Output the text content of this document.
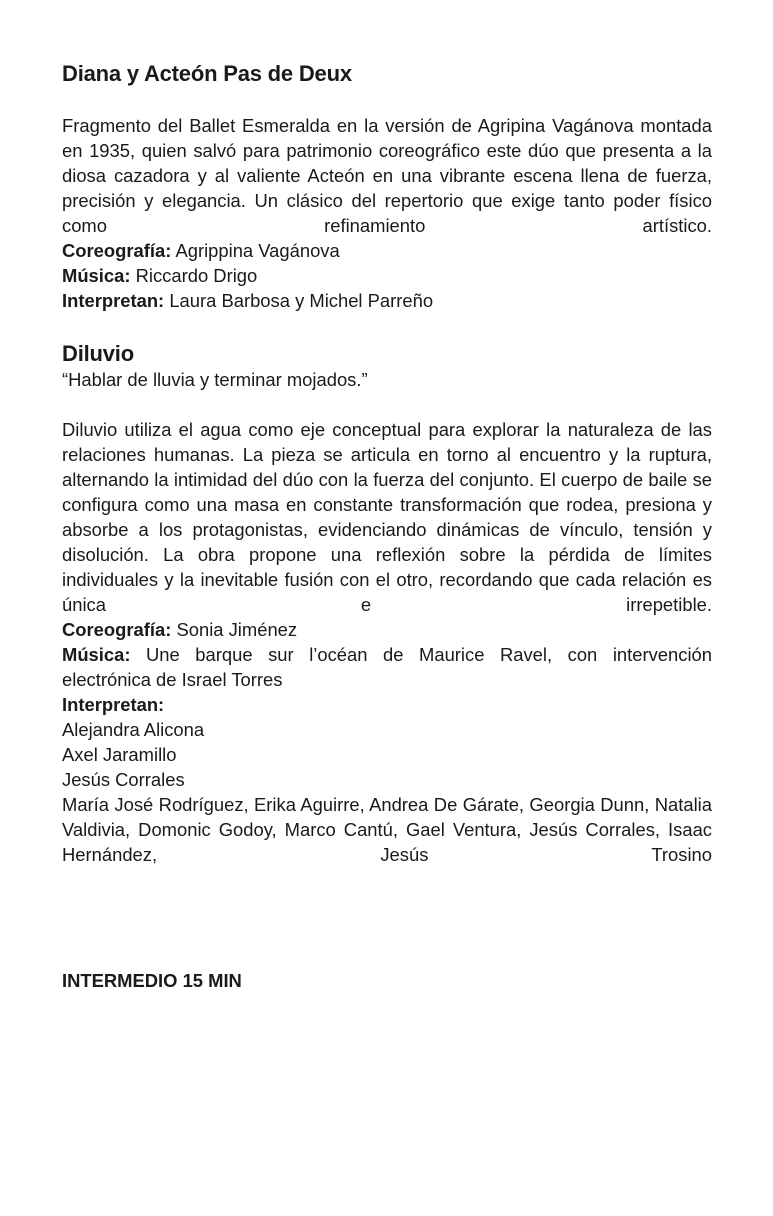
Diana y Acteón Pas de Deux

Fragmento del Ballet Esmeralda en la versión de Agripina Vagánova montada en 1935, quien salvó para patrimonio coreográfico este dúo que presenta a la diosa cazadora y al valiente Acteón en una vibrante escena llena de fuerza, precisión y elegancia. Un clásico del repertorio que exige tanto poder físico como refinamiento artístico.

Coreografía: Agrippina Vagánova
Música: Riccardo Drigo
Interpretan: Laura Barbosa y Michel Parreño
Diluvio

“Hablar de lluvia y terminar mojados.”

Diluvio utiliza el agua como eje conceptual para explorar la naturaleza de las relaciones humanas. La pieza se articula en torno al encuentro y la ruptura, alternando la intimidad del dúo con la fuerza del conjunto. El cuerpo de baile se configura como una masa en constante transformación que rodea, presiona y absorbe a los protagonistas, evidenciando dinámicas de vínculo, tensión y disolución. La obra propone una reflexión sobre la pérdida de límites individuales y la inevitable fusión con el otro, recordando que cada relación es única e irrepetible.

Coreografía: Sonia Jiménez
Música: Une barque sur l’océan de Maurice Ravel, con intervención electrónica de Israel Torres
Interpretan:
Alejandra Alicona
Axel Jaramillo
Jesús Corrales

María José Rodríguez, Erika Aguirre, Andrea De Gárate, Georgia Dunn, Natalia Valdivia, Domonic Godoy, Marco Cantú, Gael Ventura, Jesús Corrales, Isaac Hernández, Jesús Trosino

INTERMEDIO 15 MIN
